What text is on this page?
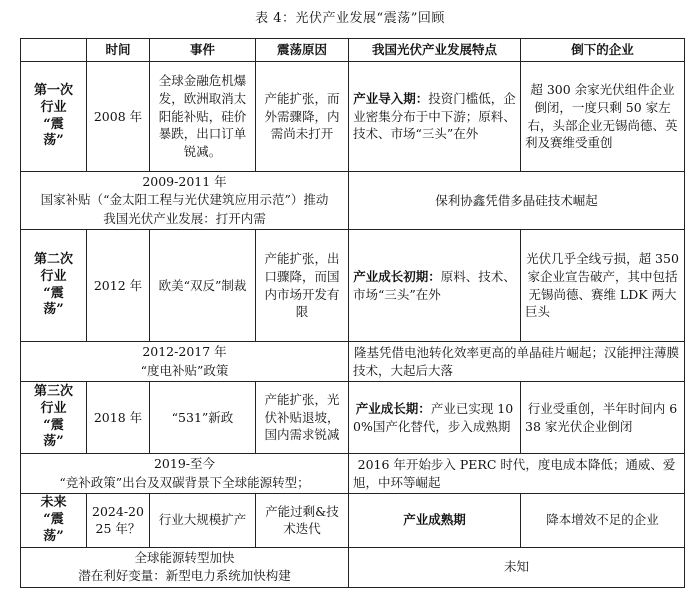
表 4：光伏产业发展“震荡”回顾
	时间	事件	震荡原因	我国光伏产业发展特点	倒下的企业

第一次
行业
“震
荡”	2008 年	全球金融危机爆发，欧洲取消太阳能补贴，硅价暴跌，出口订单锐减。	产能扩张，而外需骤降，内需尚未打开	产业导入期：投资门槛低，企业密集分布于中下游；原料、技术、市场“三头”在外	超 300 余家光伏组件企业倒闭，一度只剩 50 家左右，头部企业无锡尚德、英利及赛维受重创

2009-2011 年
国家补贴（“金太阳工程与光伏建筑应用示范”）推动
我国光伏产业发展：打开内需				保利协鑫凭借多晶硅技术崛起	

第二次
行业
“震
荡”	2012 年	欧美“双反”制裁	产能扩张，出口骤降，而国内市场开发有限	产业成长初期：原料、技术、市场“三头”在外	光伏几乎全线亏损，超 350 家企业宣告破产，其中包括无锡尚德、赛维 LDK 两大巨头

2012-2017 年
“度电补贴”政策				隆基凭借电池转化效率更高的单晶硅片崛起；汉能押注薄膜技术，大起后大落	

第三次
行业
“震
荡”	2018 年	“531”新政	产能扩张，光伏补贴退坡，国内需求锐减	产业成长期：产业已实现 100%国产化替代，步入成熟期	行业受重创，半年时间内 638 家光伏企业倒闭

2019-至今
“竞补政策”出台及双碳背景下全球能源转型；				2016 年开始步入 PERC 时代，度电成本降低；通威、爱旭，中环等崛起	

未来
“震
荡”	2024-2025 年？	行业大规模扩产	产能过剩&技术迭代	产业成熟期	降本增效不足的企业

全球能源转型加快
潜在利好变量：新型电力系统加快构建				未知	
